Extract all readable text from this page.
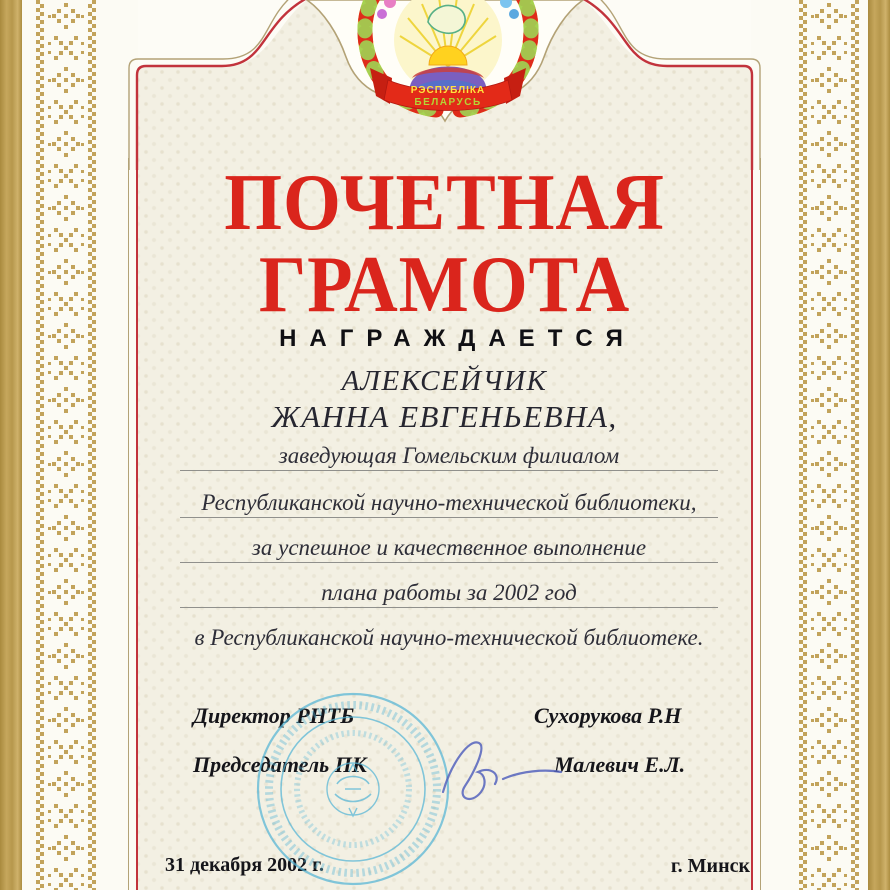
РЭСПУБЛІКА
БЕЛАРУСЬ
ПОЧЕТНАЯ
ГРАМОТА
НАГРАЖДАЕТСЯ
АЛЕКСЕЙЧИК
ЖАННА ЕВГЕНЬЕВНА,
заведующая Гомельским филиалом
Республиканской научно-технической библиотеки,
за успешное и качественное выполнение
плана работы за 2002 год
в Республиканской научно-технической библиотеке.
Директор РНТБ	Сухорукова Р.Н
Председатель ПК	Малевич Е.Л.
31 декабря 2002 г.	г. Минск
